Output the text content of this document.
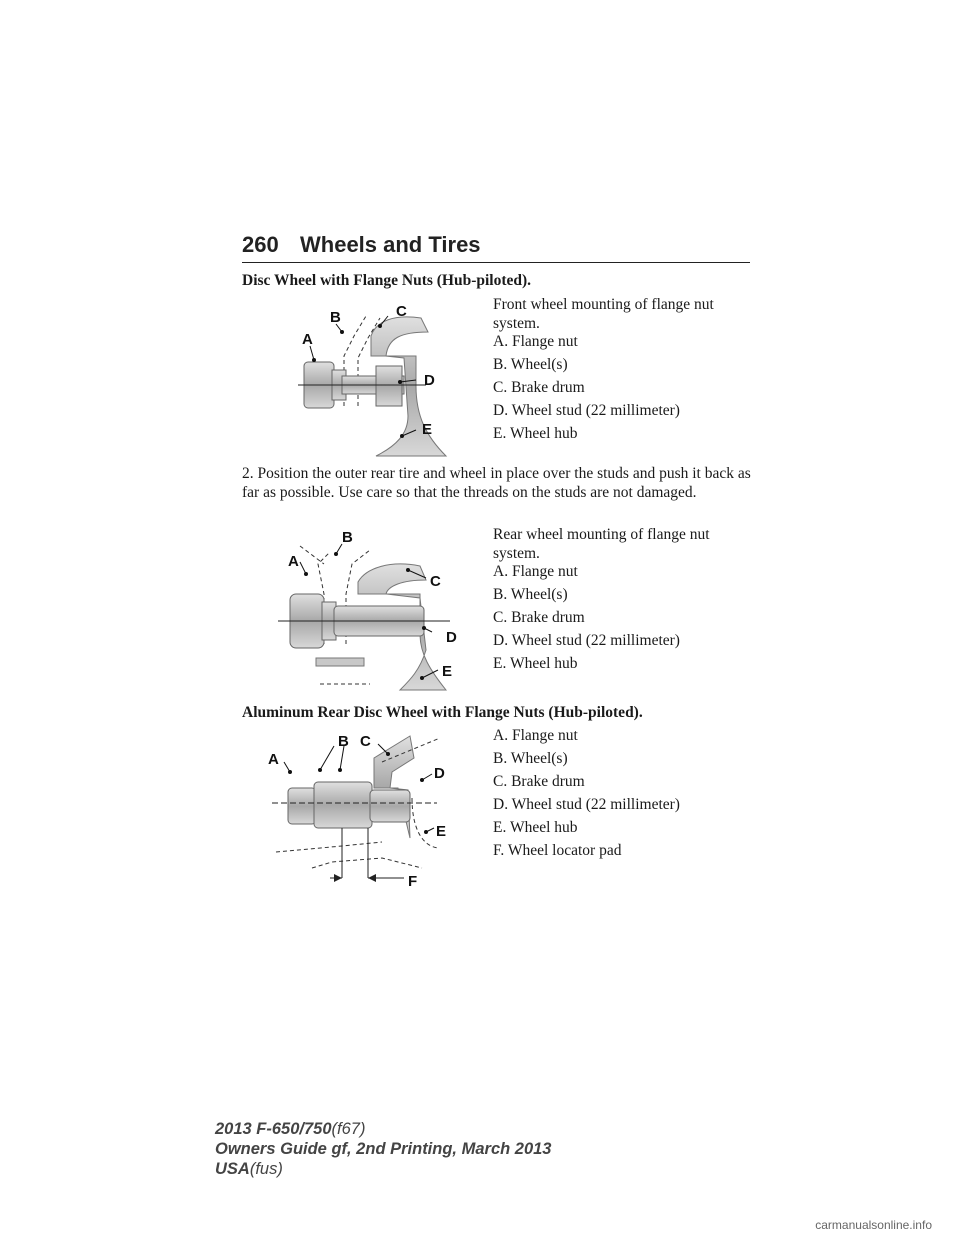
260 Wheels and Tires
Disc Wheel with Flange Nuts (Hub-piloted).
Front wheel mounting of flange nut system.
A. Flange nut
B. Wheel(s)
C. Brake drum
D. Wheel stud (22 millimeter)
E. Wheel hub
A
B	C
D
E
2. Position the outer rear tire and wheel in place over the studs and push it back as far as possible. Use care so that the threads on the studs are not damaged.
Rear wheel mounting of flange nut system.
A. Flange nut
B. Wheel(s)
C. Brake drum
D. Wheel stud (22 millimeter)
E. Wheel hub
A
B
C
D
E
Aluminum Rear Disc Wheel with Flange Nuts (Hub-piloted).
A. Flange nut
B. Wheel(s)
C. Brake drum
D. Wheel stud (22 millimeter)
E. Wheel hub
F. Wheel locator pad
A
B C
D
E
F
2013 F-650/750(f67)
Owners Guide gf, 2nd Printing, March 2013
USA(fus)
carmanualsonline.info
